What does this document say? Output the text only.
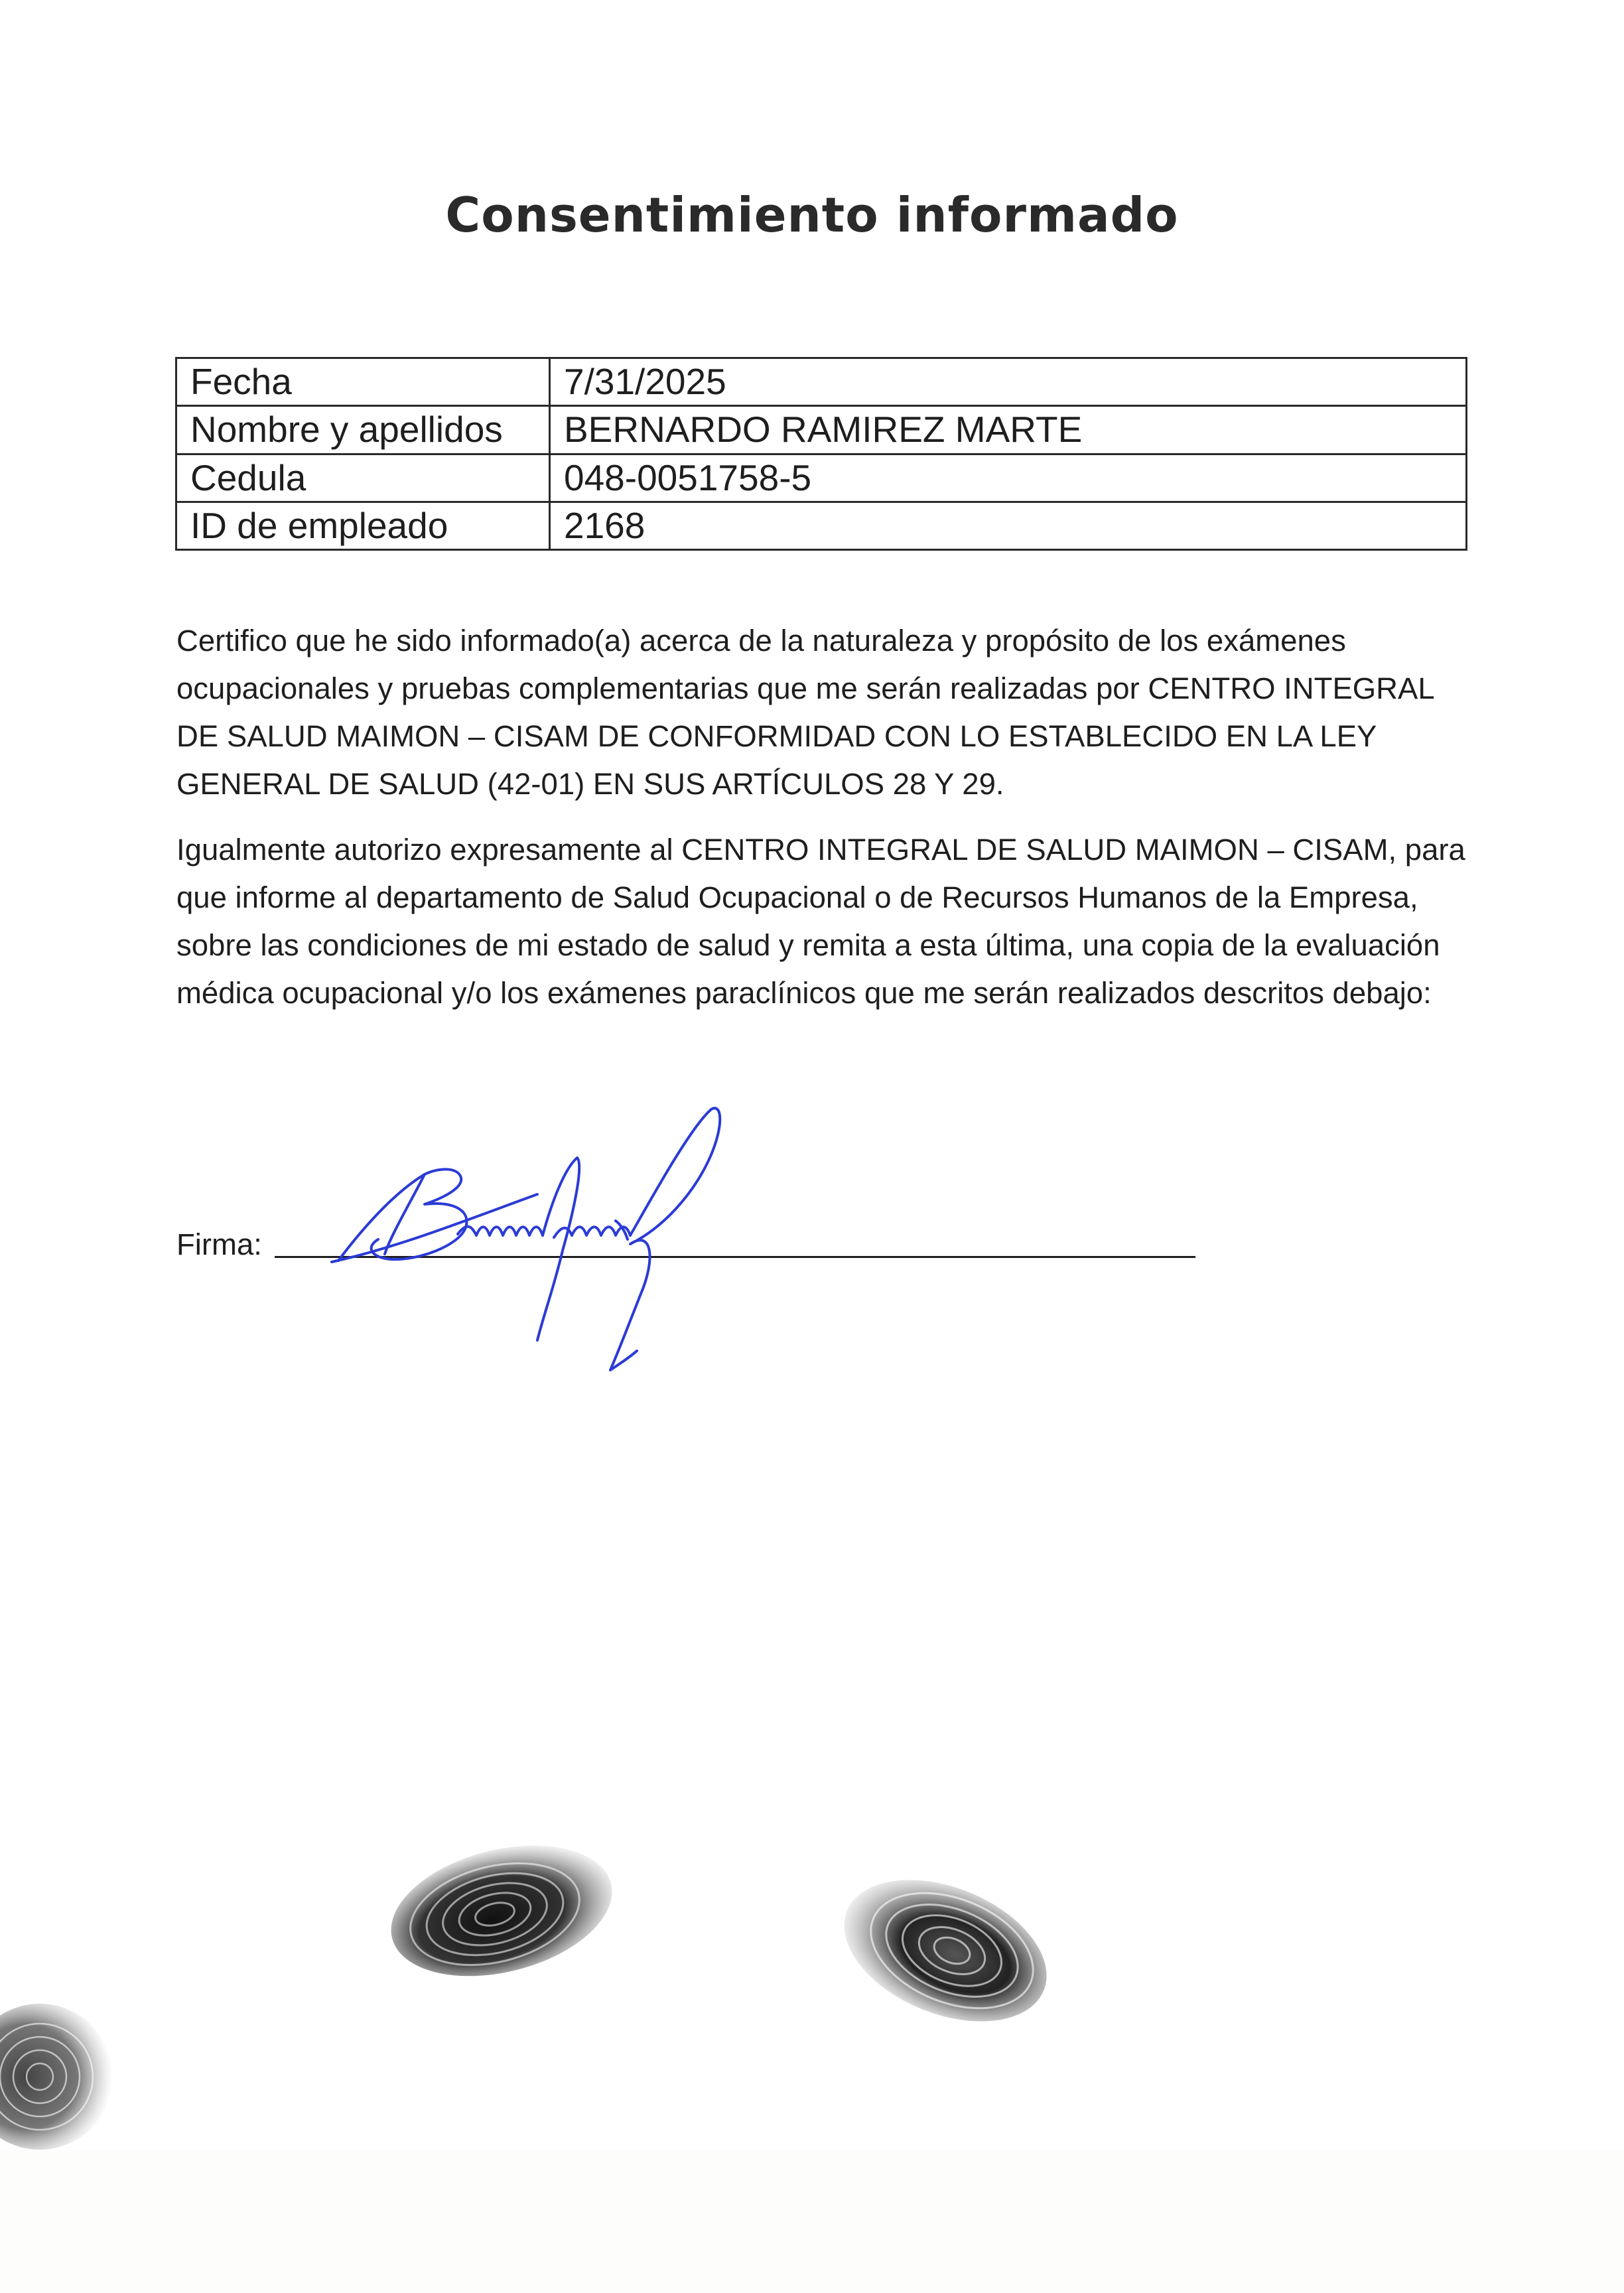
Consentimiento informado
Fecha	7/31/2025
Nombre y apellidos	BERNARDO RAMIREZ MARTE
Cedula	048-0051758-5
ID de empleado	2168

Certifico que he sido informado(a) acerca de la naturaleza y propósito de los exámenes ocupacionales y pruebas complementarias que me serán realizadas por CENTRO INTEGRAL DE SALUD MAIMON – CISAM DE CONFORMIDAD CON LO ESTABLECIDO EN LA LEY GENERAL DE SALUD (42-01) EN SUS ARTÍCULOS 28 Y 29.

Igualmente autorizo expresamente al CENTRO INTEGRAL DE SALUD MAIMON – CISAM, para que informe al departamento de Salud Ocupacional o de Recursos Humanos de la Empresa, sobre las condiciones de mi estado de salud y remita a esta última, una copia de la evaluación médica ocupacional y/o los exámenes paraclínicos que me serán realizados descritos debajo:

Firma:
